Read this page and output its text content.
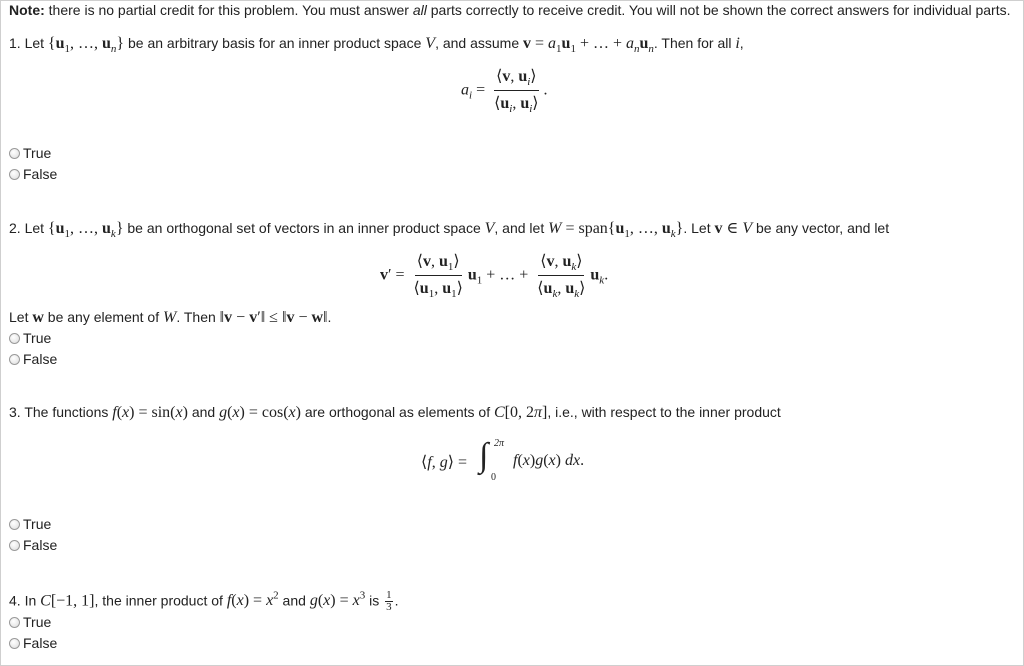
Note: there is no partial credit for this problem. You must answer all parts correctly to receive credit. You will not be shown the correct answers for individual parts.
1. Let {$u_1$, …, $u_n$} be an arbitrary basis for an inner product space V, and assume $v = a_1u_1$ + … + $a_nu_n$. Then for all i,
$a_i = \frac{⟨v, u_i⟩}{⟨u_i, u_i⟩}$ .
True
False
2. Let {$u_1$, …, $u_k$} be an orthogonal set of vectors in an inner product space V, and let $W = span\{u_1$, …, $u_k$}. Let v ∈ V be any vector, and let
$v' = \frac{⟨v, u_1⟩}{⟨u_1, u_1⟩} u_1$ + … + $\frac{⟨v, u_k⟩}{⟨u_k, u_k⟩} u_k$.
Let w be any element of W. Then ‖v − v′‖ ≤ ‖v − w‖.
True
False
3. The functions f(x) = sin(x) and g(x) = cos(x) are orthogonal as elements of C[0, 2π], i.e., with respect to the inner product
⟨f, g⟩ = ∫ 2π
0
f(x)g(x) dx.
True
False
4. In C[−1, 1], the inner product of $f(x) = x^2$ and $g(x) = x^3$ is $\frac{1}{3}$ .
True
False
